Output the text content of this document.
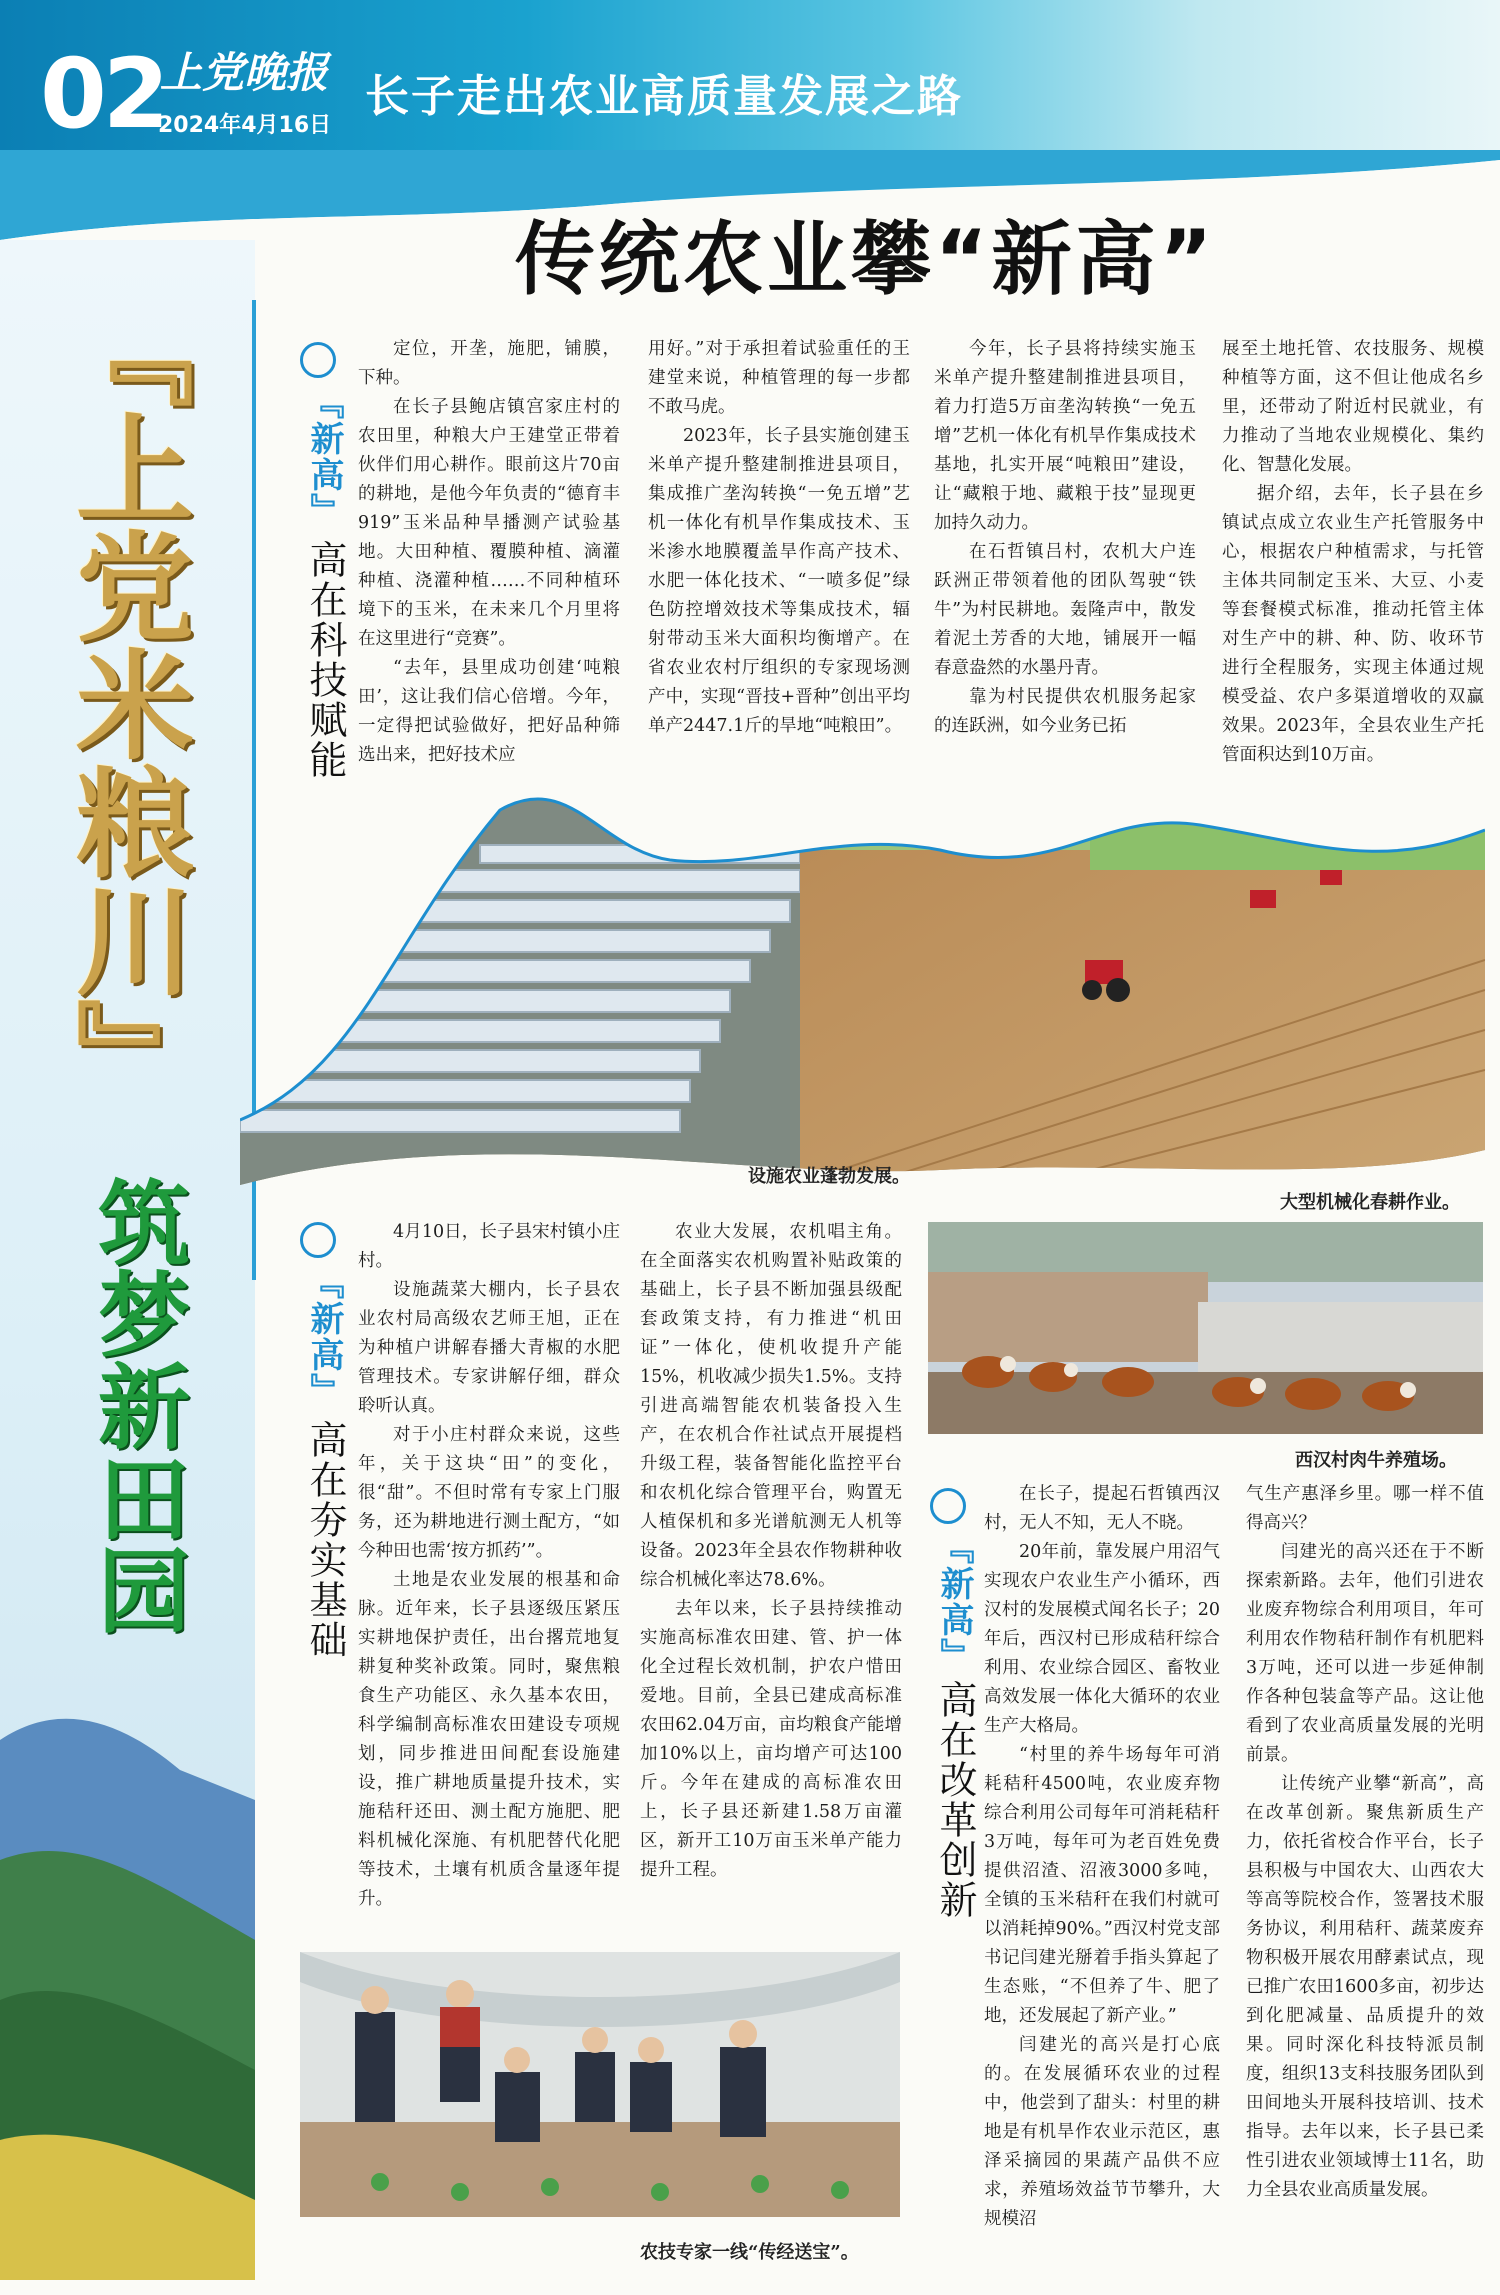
02
上党晚报
2024年4月16日
长子走出农业高质量发展之路
传统农业攀“新高”
『上党米粮川』
筑梦新田园
『新高』
高在科技赋能

定位，开垄，施肥，铺膜，下种。

在长子县鲍店镇宫家庄村的农田里，种粮大户王建堂正带着伙伴们用心耕作。眼前这片70亩的耕地，是他今年负责的“德育丰919”玉米品种旱播测产试验基地。大田种植、覆膜种植、滴灌种植、浇灌种植……不同种植环境下的玉米，在未来几个月里将在这里进行“竞赛”。

“去年，县里成功创建‘吨粮田’，这让我们信心倍增。今年，一定得把试验做好，把好品种筛选出来，把好技术应

用好。”对于承担着试验重任的王建堂来说，种植管理的每一步都不敢马虎。

2023年，长子县实施创建玉米单产提升整建制推进县项目，集成推广垄沟转换“一免五增”艺机一体化有机旱作集成技术、玉米渗水地膜覆盖旱作高产技术、水肥一体化技术、“一喷多促”绿色防控增效技术等集成技术，辐射带动玉米大面积均衡增产。在省农业农村厅组织的专家现场测产中，实现“晋技+晋种”创出平均单产2447.1斤的旱地“吨粮田”。

今年，长子县将持续实施玉米单产提升整建制推进县项目，着力打造5万亩垄沟转换“一免五增”艺机一体化有机旱作集成技术基地，扎实开展“吨粮田”建设，让“藏粮于地、藏粮于技”显现更加持久动力。

在石哲镇吕村，农机大户连跃洲正带领着他的团队驾驶“铁牛”为村民耕地。轰隆声中，散发着泥土芳香的大地，铺展开一幅春意盎然的水墨丹青。

靠为村民提供农机服务起家的连跃洲，如今业务已拓

展至土地托管、农技服务、规模种植等方面，这不但让他成名乡里，还带动了附近村民就业，有力推动了当地农业规模化、集约化、智慧化发展。

据介绍，去年，长子县在乡镇试点成立农业生产托管服务中心，根据农户种植需求，与托管主体共同制定玉米、大豆、小麦等套餐模式标准，推动托管主体对生产中的耕、种、防、收环节进行全程服务，实现主体通过规模受益、农户多渠道增收的双赢效果。2023年，全县农业生产托管面积达到10万亩。

设施农业蓬勃发展。
大型机械化春耕作业。
『新高』
高在夯实基础

4月10日，长子县宋村镇小庄村。

设施蔬菜大棚内，长子县农业农村局高级农艺师王旭，正在为种植户讲解春播大青椒的水肥管理技术。专家讲解仔细，群众聆听认真。

对于小庄村群众来说，这些年，关于这块“田”的变化，很“甜”。不但时常有专家上门服务，还为耕地进行测土配方，“如今种田也需‘按方抓药’”。

土地是农业发展的根基和命脉。近年来，长子县逐级压紧压实耕地保护责任，出台撂荒地复耕复种奖补政策。同时，聚焦粮食生产功能区、永久基本农田，科学编制高标准农田建设专项规划，同步推进田间配套设施建设，推广耕地质量提升技术，实施秸秆还田、测土配方施肥、肥料机械化深施、有机肥替代化肥等技术，土壤有机质含量逐年提升。

农业大发展，农机唱主角。在全面落实农机购置补贴政策的基础上，长子县不断加强县级配套政策支持，有力推进“机田证”一体化，使机收提升产能15%，机收减少损失1.5%。支持引进高端智能农机装备投入生产，在农机合作社试点开展提档升级工程，装备智能化监控平台和农机化综合管理平台，购置无人植保机和多光谱航测无人机等设备。2023年全县农作物耕种收综合机械化率达78.6%。

去年以来，长子县持续推动实施高标准农田建、管、护一体化全过程长效机制，护农户惜田爱地。目前，全县已建成高标准农田62.04万亩，亩均粮食产能增加10%以上，亩均增产可达100斤。今年在建成的高标准农田上，长子县还新建1.58万亩灌区，新开工10万亩玉米单产能力提升工程。

西汉村肉牛养殖场。
『新高』
高在改革创新

在长子，提起石哲镇西汉村，无人不知，无人不晓。

20年前，靠发展户用沼气实现农户农业生产小循环，西汉村的发展模式闻名长子；20年后，西汉村已形成秸秆综合利用、农业综合园区、畜牧业高效发展一体化大循环的农业生产大格局。

“村里的养牛场每年可消耗秸秆4500吨，农业废弃物综合利用公司每年可消耗秸秆3万吨，每年可为老百姓免费提供沼渣、沼液3000多吨，全镇的玉米秸秆在我们村就可以消耗掉90%。”西汉村党支部书记闫建光掰着手指头算起了生态账，“不但养了牛、肥了地，还发展起了新产业。”

闫建光的高兴是打心底的。在发展循环农业的过程中，他尝到了甜头：村里的耕地是有机旱作农业示范区，惠泽采摘园的果蔬产品供不应求，养殖场效益节节攀升，大规模沼

气生产惠泽乡里。哪一样不值得高兴？

闫建光的高兴还在于不断探索新路。去年，他们引进农业废弃物综合利用项目，年可利用农作物秸秆制作有机肥料3万吨，还可以进一步延伸制作各种包装盒等产品。这让他看到了农业高质量发展的光明前景。

让传统产业攀“新高”，高在改革创新。聚焦新质生产力，依托省校合作平台，长子县积极与中国农大、山西农大等高等院校合作，签署技术服务协议，利用秸秆、蔬菜废弃物积极开展农用酵素试点，现已推广农田1600多亩，初步达到化肥减量、品质提升的效果。同时深化科技特派员制度，组织13支科技服务团队到田间地头开展科技培训、技术指导。去年以来，长子县已柔性引进农业领域博士11名，助力全县农业高质量发展。

农技专家一线“传经送宝”。
